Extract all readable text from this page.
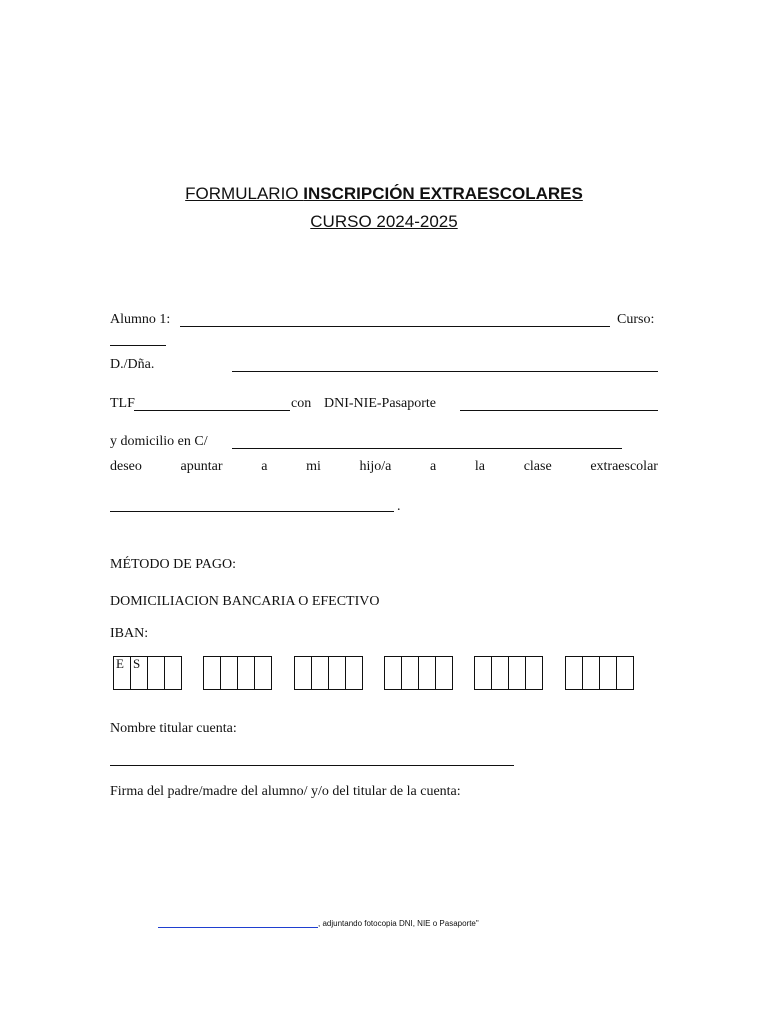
FORMULARIO INSCRIPCIÓN EXTRAESCOLARES
CURSO 2024-2025
Alumno 1:	Curso:
D./Dña.
TLF	con DNI-NIE-Pasaporte
y domicilio en C/
deseo	apuntar	a	mi	hijo/a	a	la	clase	extraescolar
.
MÉTODO DE PAGO:
DOMICILIACION BANCARIA O EFECTIVO
IBAN:
E S
Nombre titular cuenta:
Firma del padre/madre del alumno/ y/o del titular de la cuenta:
, adjuntando fotocopia DNI, NIE o Pasaporte"
